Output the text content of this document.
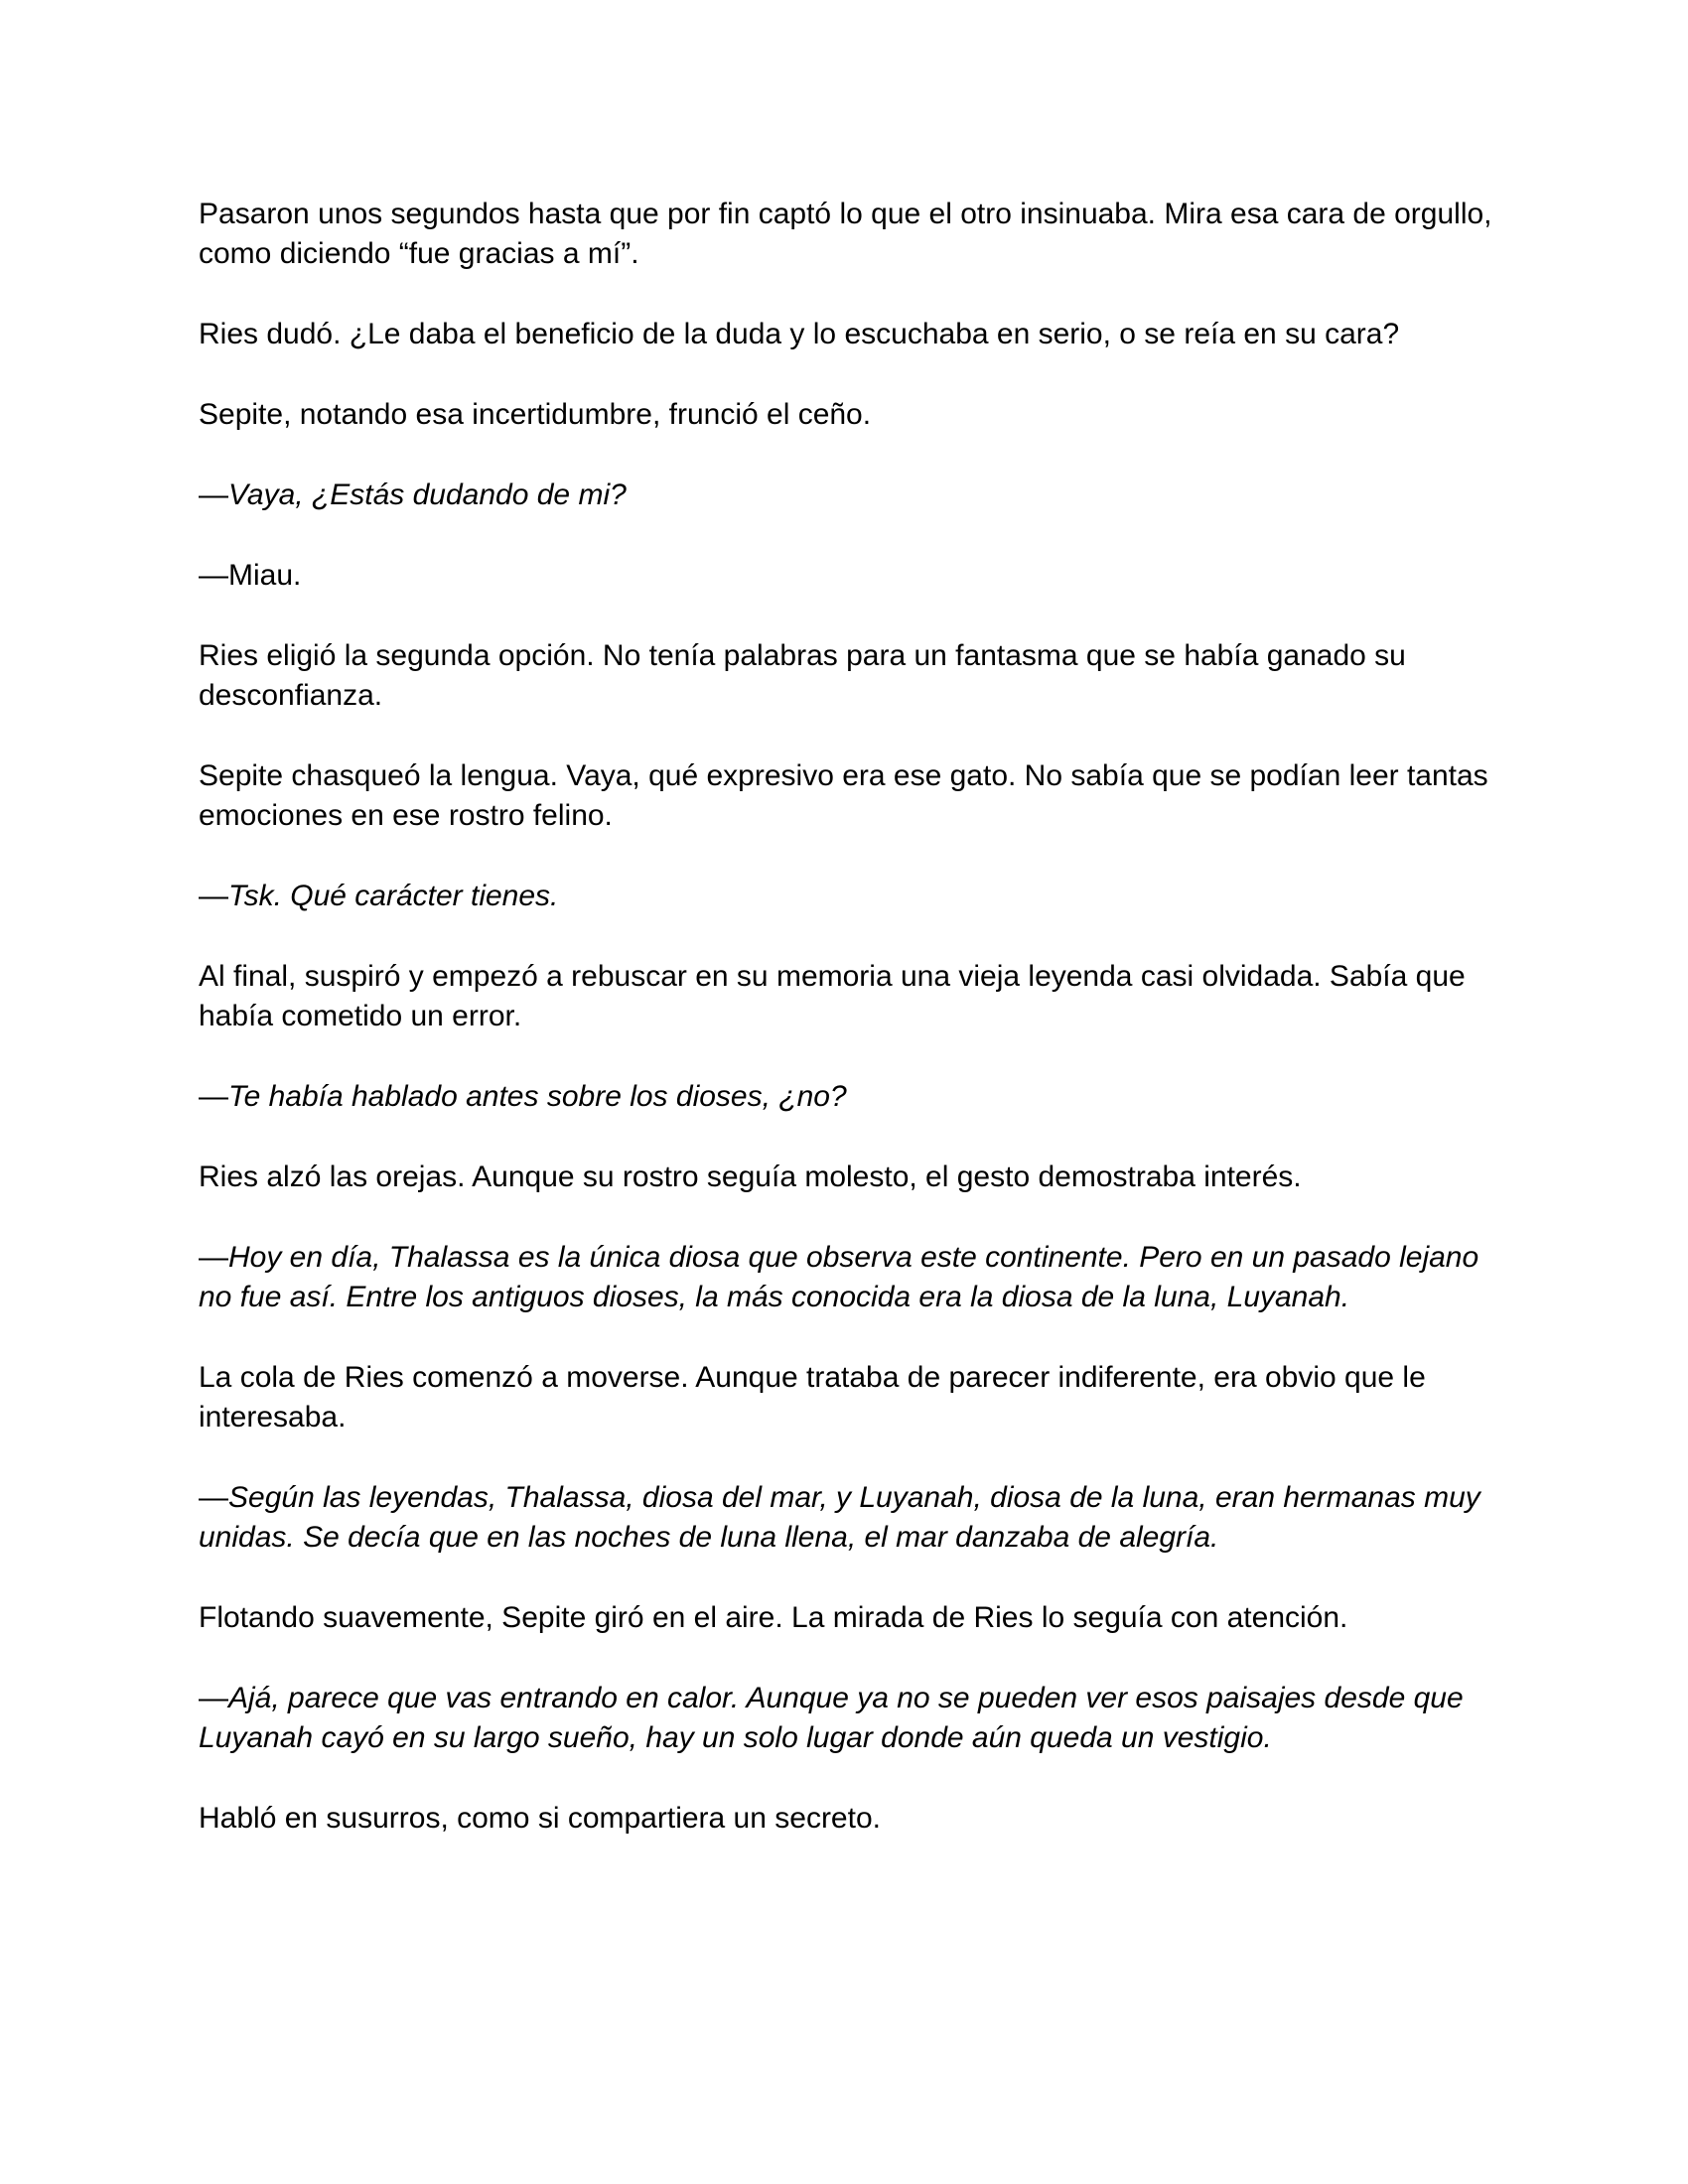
Pasaron unos segundos hasta que por fin captó lo que el otro insinuaba. Mira esa cara de orgullo, como diciendo “fue gracias a mí”.

Ries dudó. ¿Le daba el beneficio de la duda y lo escuchaba en serio, o se reía en su cara?

Sepite, notando esa incertidumbre, frunció el ceño.

—Vaya, ¿Estás dudando de mi?

—Miau.

Ries eligió la segunda opción. No tenía palabras para un fantasma que se había ganado su desconfianza.

Sepite chasqueó la lengua. Vaya, qué expresivo era ese gato. No sabía que se podían leer tantas emociones en ese rostro felino.

—Tsk. Qué carácter tienes.

Al final, suspiró y empezó a rebuscar en su memoria una vieja leyenda casi olvidada. Sabía que había cometido un error.

—Te había hablado antes sobre los dioses, ¿no?

Ries alzó las orejas. Aunque su rostro seguía molesto, el gesto demostraba interés.

—Hoy en día, Thalassa es la única diosa que observa este continente. Pero en un pasado lejano no fue así. Entre los antiguos dioses, la más conocida era la diosa de la luna, Luyanah.

La cola de Ries comenzó a moverse. Aunque trataba de parecer indiferente, era obvio que le interesaba.

—Según las leyendas, Thalassa, diosa del mar, y Luyanah, diosa de la luna, eran hermanas muy unidas. Se decía que en las noches de luna llena, el mar danzaba de alegría.

Flotando suavemente, Sepite giró en el aire. La mirada de Ries lo seguía con atención.

—Ajá, parece que vas entrando en calor. Aunque ya no se pueden ver esos paisajes desde que Luyanah cayó en su largo sueño, hay un solo lugar donde aún queda un vestigio.

Habló en susurros, como si compartiera un secreto.
